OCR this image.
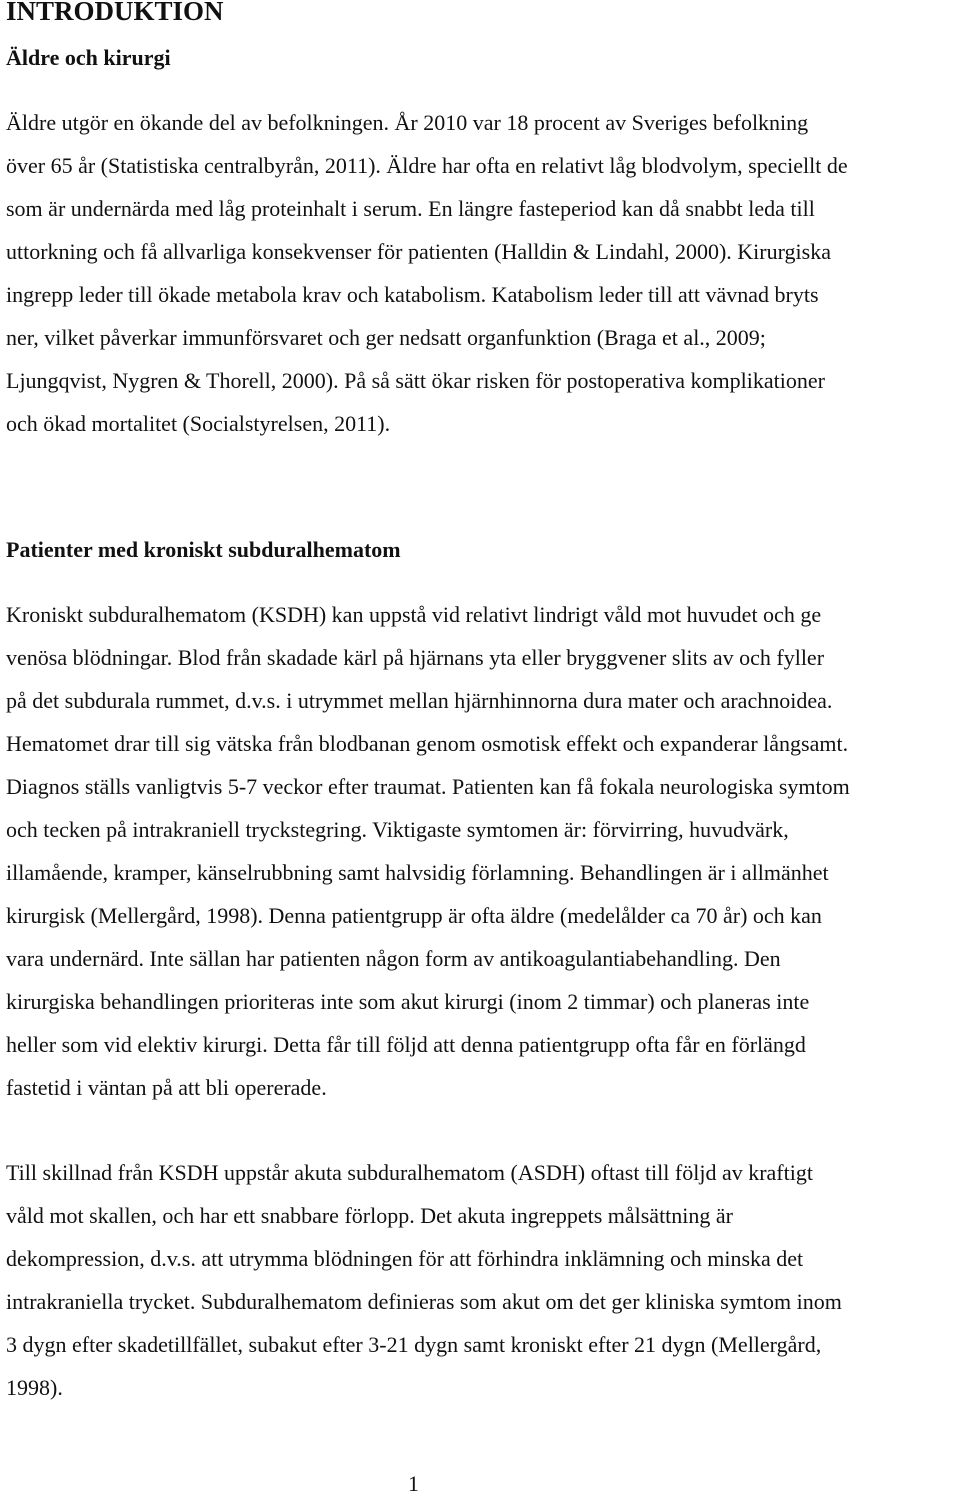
INTRODUKTION
Äldre och kirurgi
Äldre utgör en ökande del av befolkningen. År 2010 var 18 procent av Sveriges befolkning
över 65 år (Statistiska centralbyrån, 2011). Äldre har ofta en relativt låg blodvolym, speciellt de
som är undernärda med låg proteinhalt i serum. En längre fasteperiod kan då snabbt leda till
uttorkning och få allvarliga konsekvenser för patienten (Halldin & Lindahl, 2000). Kirurgiska
ingrepp leder till ökade metabola krav och katabolism. Katabolism leder till att vävnad bryts
ner, vilket påverkar immunförsvaret och ger nedsatt organfunktion (Braga et al., 2009;
Ljungqvist, Nygren & Thorell, 2000). På så sätt ökar risken för postoperativa komplikationer
och ökad mortalitet (Socialstyrelsen, 2011).
Patienter med kroniskt subduralhematom
Kroniskt subduralhematom (KSDH) kan uppstå vid relativt lindrigt våld mot huvudet och ge
venösa blödningar. Blod från skadade kärl på hjärnans yta eller bryggvener slits av och fyller
på det subdurala rummet, d.v.s. i utrymmet mellan hjärnhinnorna dura mater och arachnoidea.
Hematomet drar till sig vätska från blodbanan genom osmotisk effekt och expanderar långsamt.
Diagnos ställs vanligtvis 5-7 veckor efter traumat. Patienten kan få fokala neurologiska symtom
och tecken på intrakraniell tryckstegring. Viktigaste symtomen är: förvirring, huvudvärk,
illamående, kramper, känselrubbning samt halvsidig förlamning. Behandlingen är i allmänhet
kirurgisk (Mellergård, 1998). Denna patientgrupp är ofta äldre (medelålder ca 70 år) och kan
vara undernärd. Inte sällan har patienten någon form av antikoagulantiabehandling. Den
kirurgiska behandlingen prioriteras inte som akut kirurgi (inom 2 timmar) och planeras inte
heller som vid elektiv kirurgi. Detta får till följd att denna patientgrupp ofta får en förlängd
fastetid i väntan på att bli opererade.
Till skillnad från KSDH uppstår akuta subduralhematom (ASDH) oftast till följd av kraftigt
våld mot skallen, och har ett snabbare förlopp. Det akuta ingreppets målsättning är
dekompression, d.v.s. att utrymma blödningen för att förhindra inklämning och minska det
intrakraniella trycket. Subduralhematom definieras som akut om det ger kliniska symtom inom
3 dygn efter skadetillfället, subakut efter 3-21 dygn samt kroniskt efter 21 dygn (Mellergård,
1998).
1
